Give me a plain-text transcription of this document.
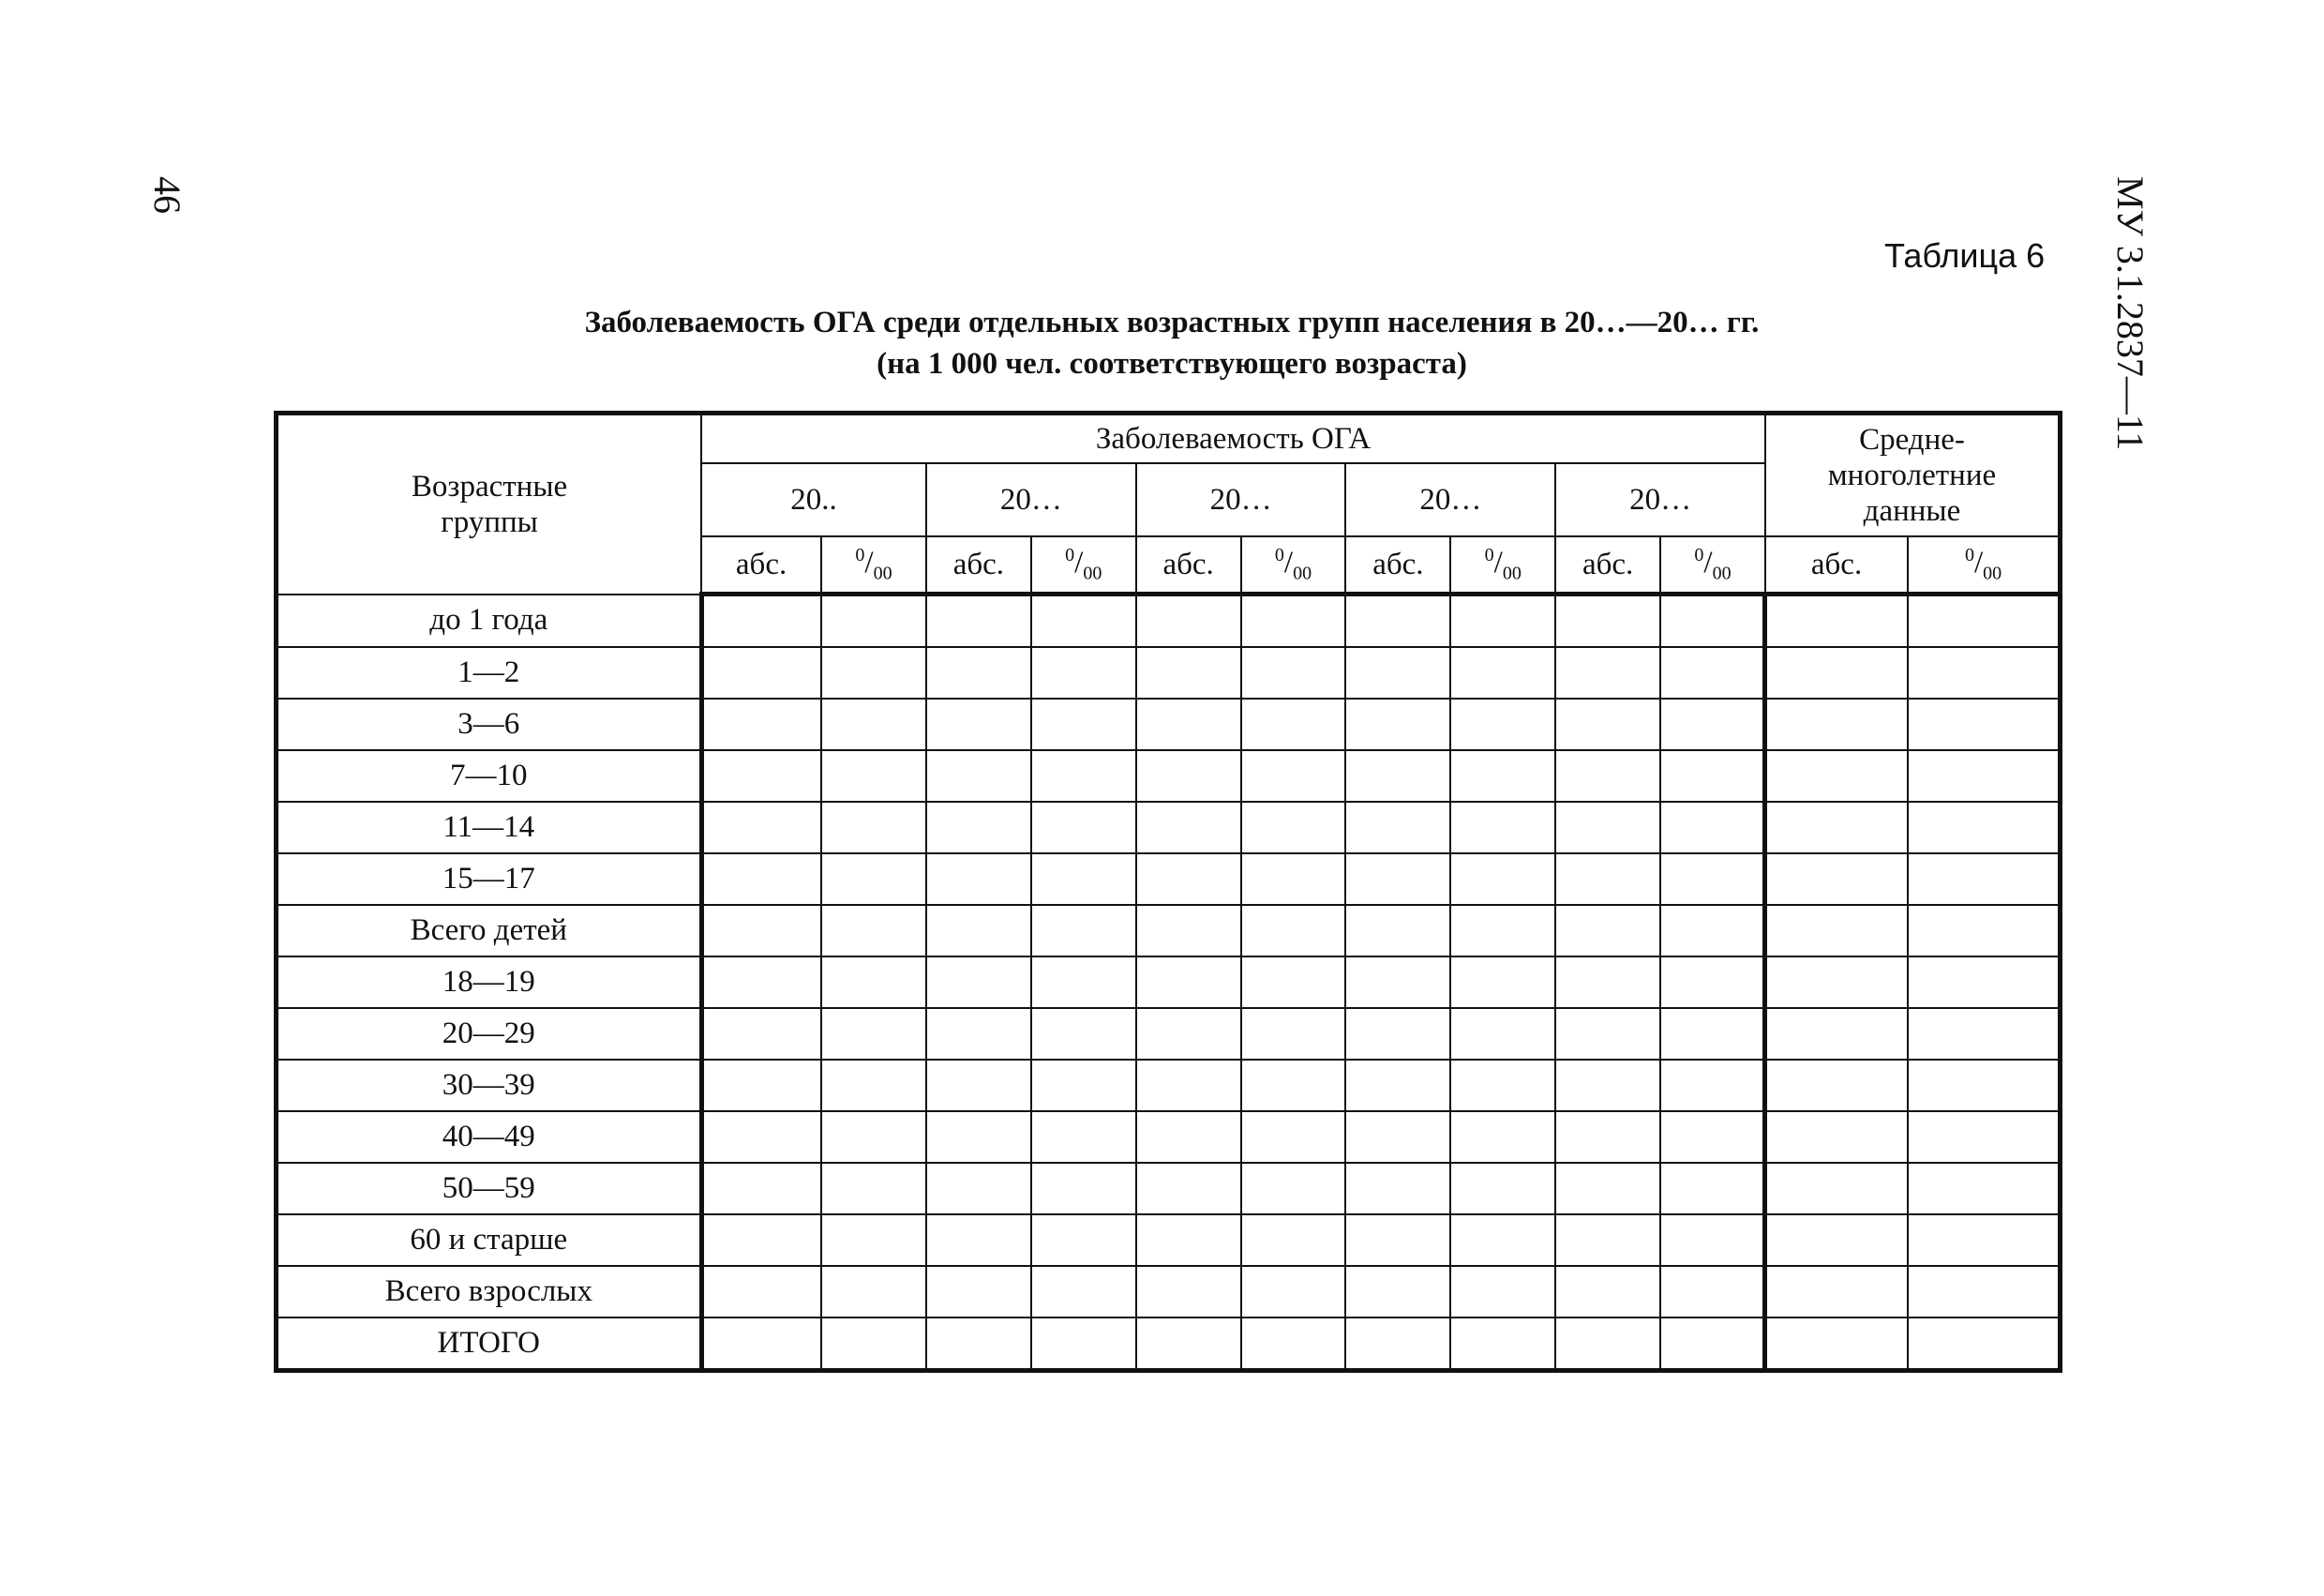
46	МУ 3.1.2837—11
Таблица 6
Заболеваемость ОГА среди отдельных возрастных групп населения в 20…—20… гг.
(на 1 000 чел. соответствующего возраста)
Возрастные группы	Заболеваемость ОГА										Средне-многолетние данные	
	20..		20…		20…		20…		20…			
	абс.	$^0/_{00}$	абс.	$^0/_{00}$	абс.	$^0/_{00}$	абс.	$^0/_{00}$	абс.	$^0/_{00}$	абс.	$^0/_{00}$
до 1 года												
1—2												
3—6												
7—10												
11—14												
15—17												
Всего детей												
18—19												
20—29												
30—39												
40—49												
50—59												
60 и старше												
Всего взрослых												
ИТОГО												
